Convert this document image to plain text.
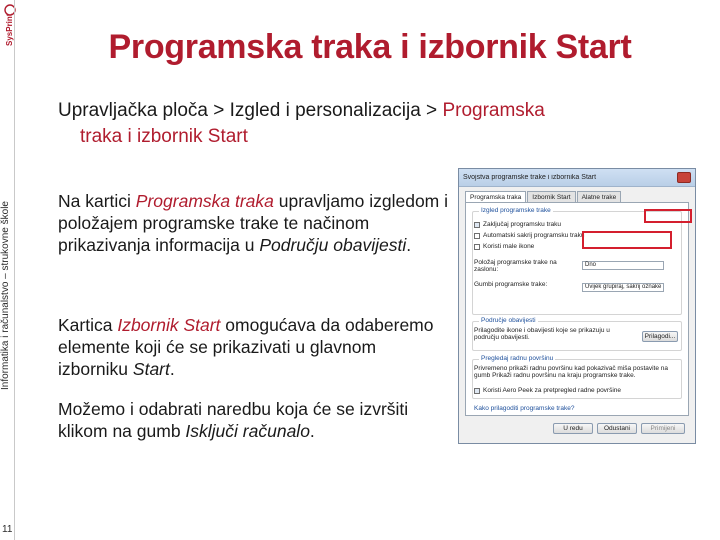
SysPrint
Informatika i računalstvo – strukovne škole
11
Programska traka i izbornik Start
Upravljačka ploča > Izgled i personalizacija > Programska
traka i izbornik Start
Na kartici Programska traka upravljamo izgledom i položajem programske trake te načinom prikazivanja informacija u Području obavijesti.
Kartica Izbornik Start omogućava da odaberemo elemente koji će se prikazivati u glavnom izborniku Start.
Možemo i odabrati naredbu koja će se izvršiti klikom na gumb Isključi računalo.
Svojstva programske trake i izbornika Start
Programska traka	Izbornik Start	Alatne trake
Izgled programske trake
Zaključaj programsku traku
Automatski sakrij programsku traku
Koristi male ikone
Položaj programske trake na zaslonu:
Dno
Gumbi programske trake:	Uvijek grupiraj, sakrij oznake
Područje obavijesti
Prilagodite ikone i obavijesti koje se prikazuju u području obavijesti.	Prilagodi...
Pregledaj radnu površinu
Privremeno prikaži radnu površinu kad pokazivač miša postavite na gumb Prikaži radnu površinu na kraju programske trake.
Koristi Aero Peek za pretpregled radne površine
Kako prilagoditi programske trake?
U redu	Odustani	Primijeni
